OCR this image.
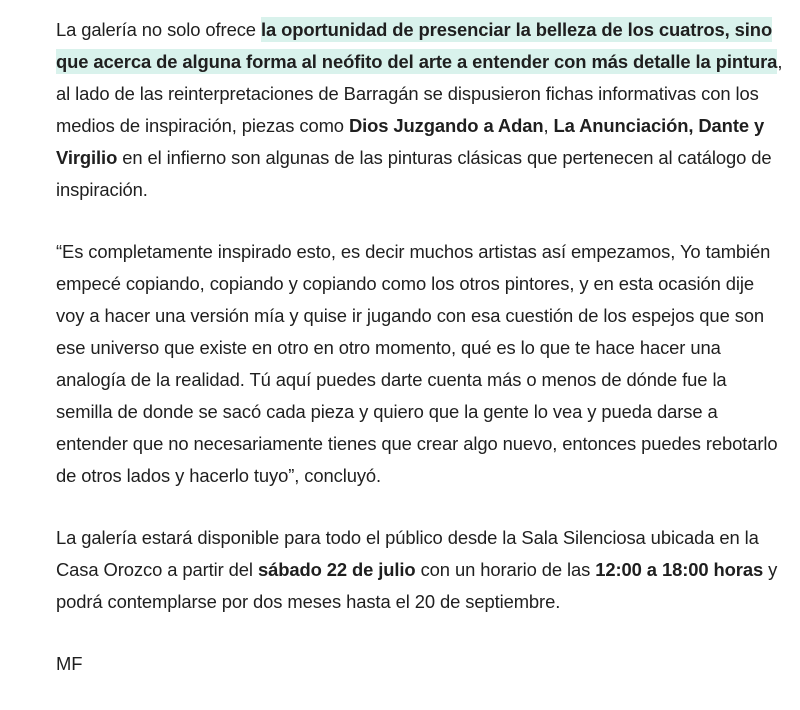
La galería no solo ofrece la oportunidad de presenciar la belleza de los cuatros, sino que acerca de alguna forma al neófito del arte a entender con más detalle la pintura, al lado de las reinterpretaciones de Barragán se dispusieron fichas informativas con los medios de inspiración, piezas como Dios Juzgando a Adan, La Anunciación, Dante y Virgilio en el infierno son algunas de las pinturas clásicas que pertenecen al catálogo de inspiración.

“Es completamente inspirado esto, es decir muchos artistas así empezamos, Yo también empecé copiando, copiando y copiando como los otros pintores, y en esta ocasión dije voy a hacer una versión mía y quise ir jugando con esa cuestión de los espejos que son ese universo que existe en otro en otro momento, qué es lo que te hace hacer una analogía de la realidad. Tú aquí puedes darte cuenta más o menos de dónde fue la semilla de donde se sacó cada pieza y quiero que la gente lo vea y pueda darse a entender que no necesariamente tienes que crear algo nuevo, entonces puedes rebotarlo de otros lados y hacerlo tuyo”, concluyó.

La galería estará disponible para todo el público desde la Sala Silenciosa ubicada en la Casa Orozco a partir del sábado 22 de julio con un horario de las 12:00 a 18:00 horas y podrá contemplarse por dos meses hasta el 20 de septiembre.

MF
